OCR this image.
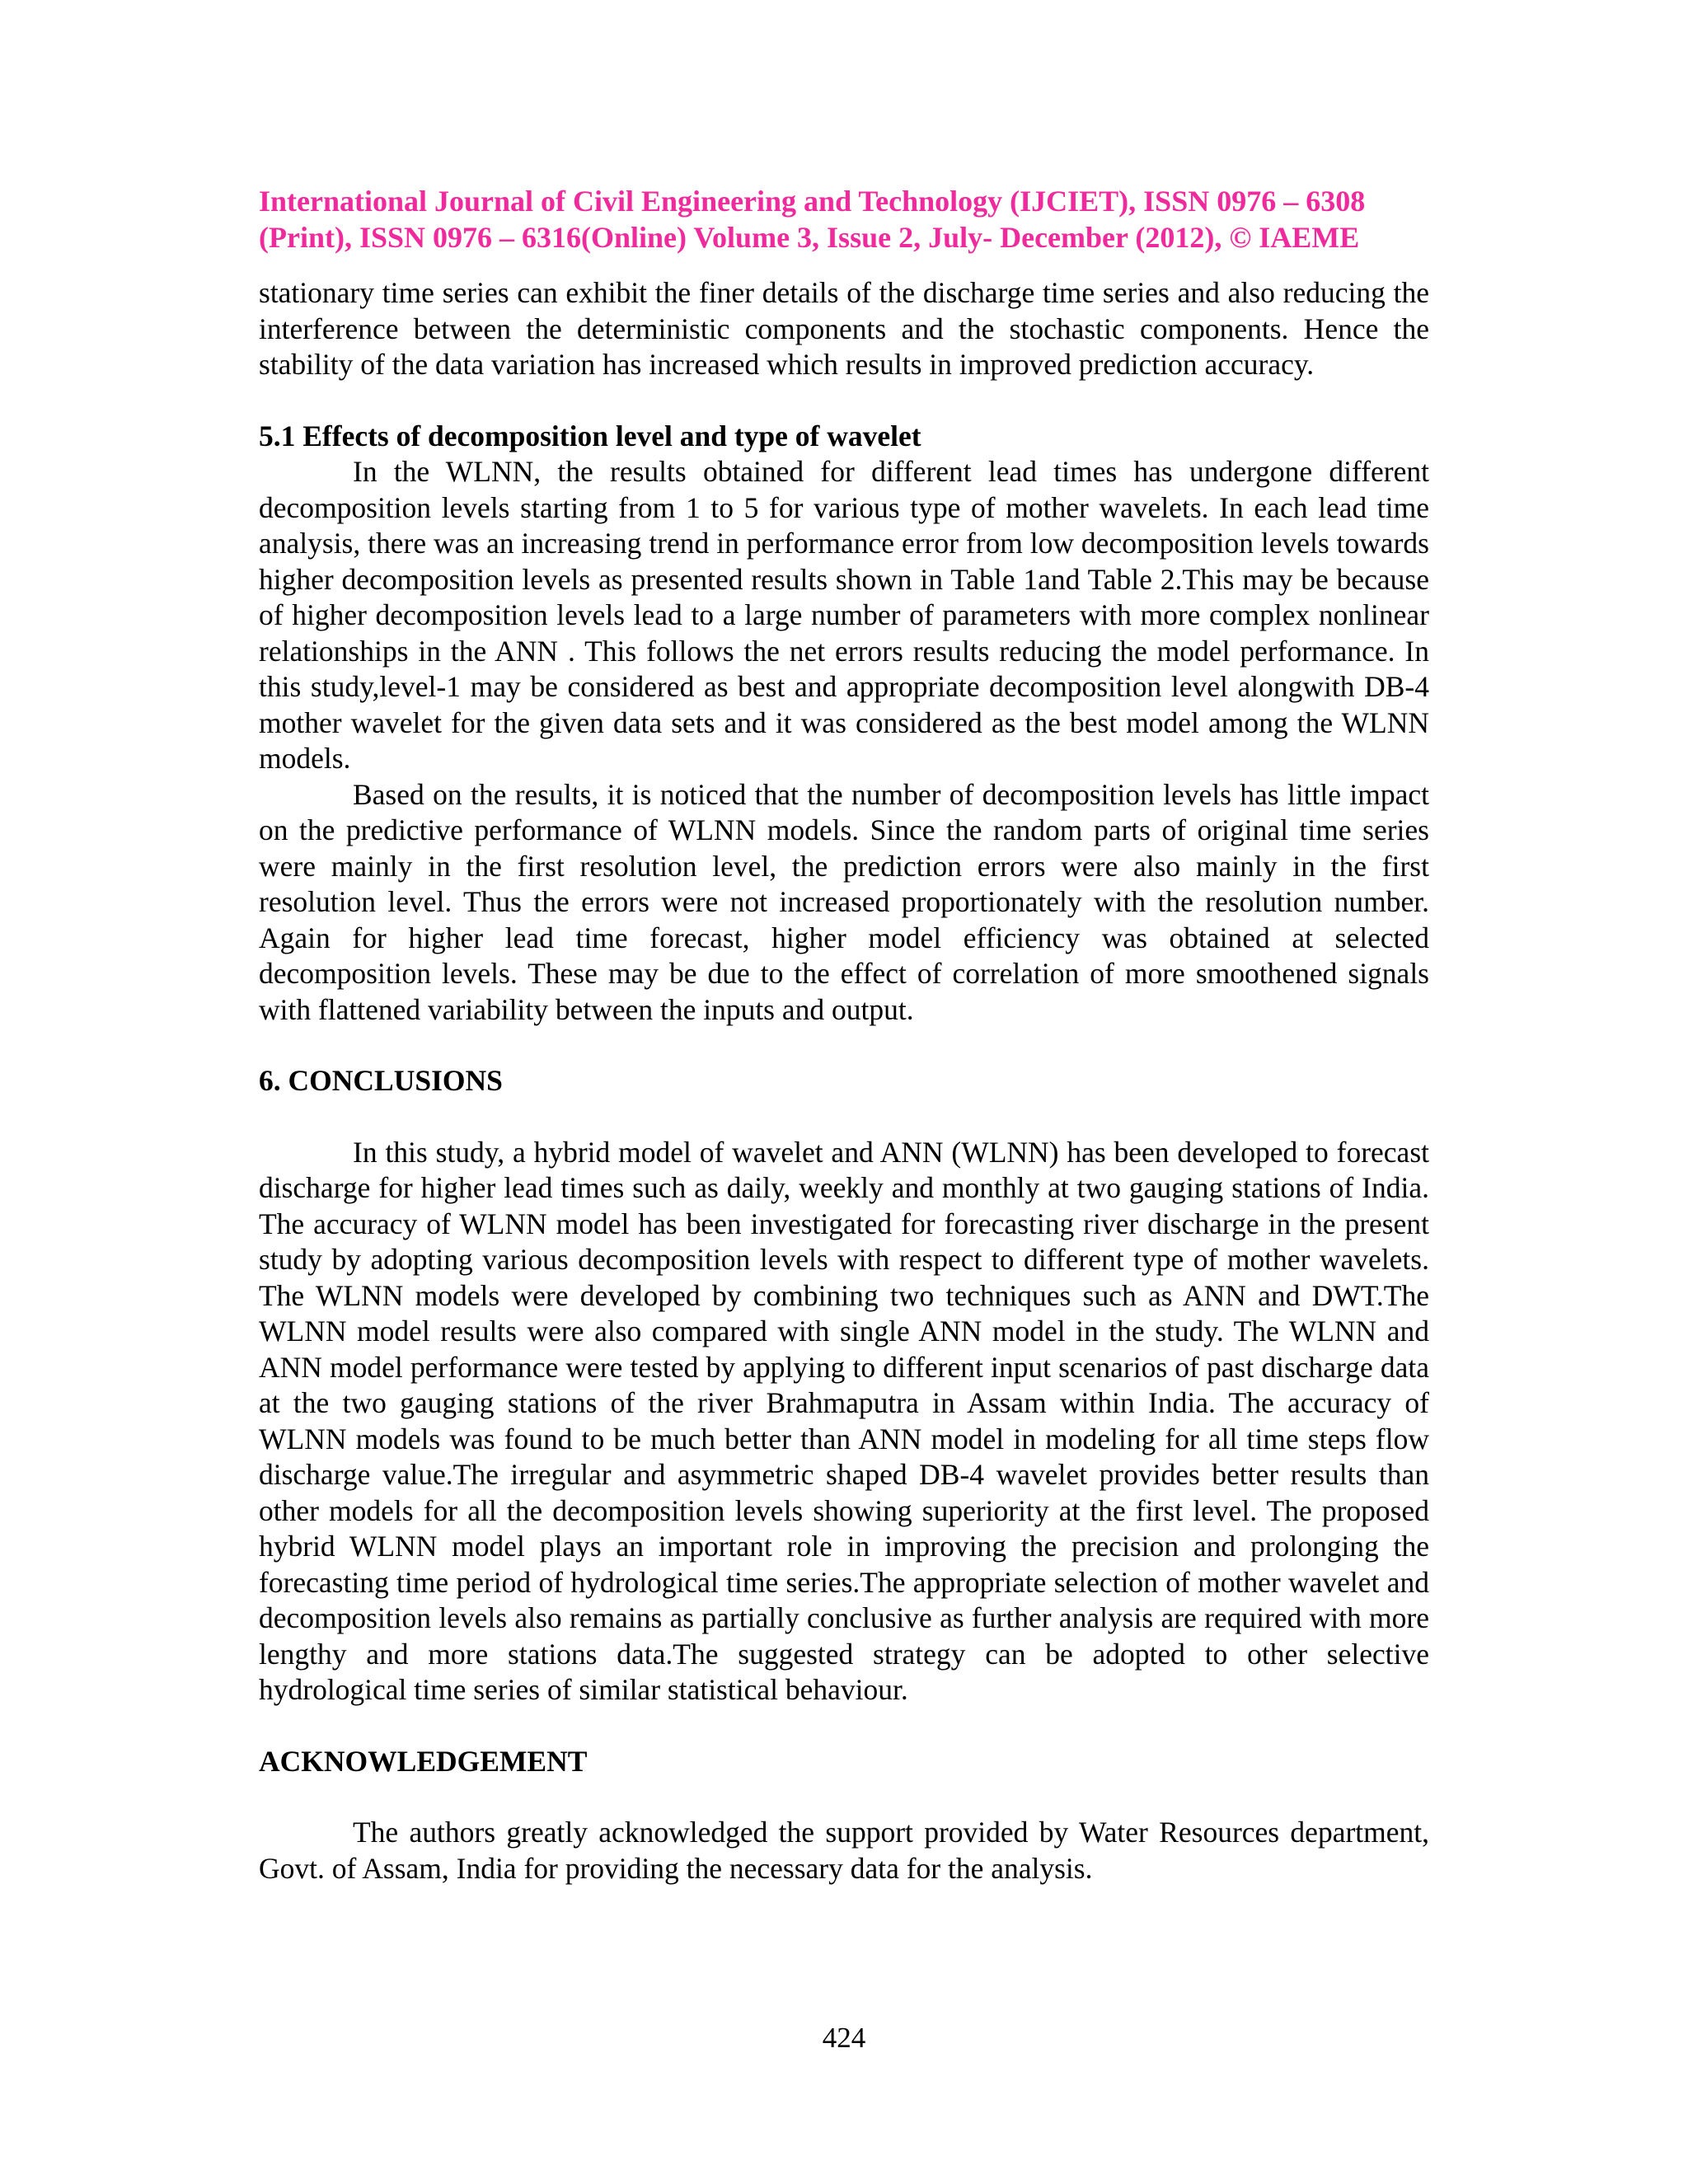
International Journal of Civil Engineering and Technology (IJCIET), ISSN 0976 – 6308
(Print), ISSN 0976 – 6316(Online) Volume 3, Issue 2, July- December (2012), © IAEME

stationary time series can exhibit the finer details of the discharge time series and also reducing the interference between the deterministic components and the stochastic components. Hence the stability of the data variation has increased which results in improved prediction accuracy.

5.1 Effects of decomposition level and type of wavelet

In the WLNN, the results obtained for different lead times has undergone different decomposition levels starting from 1 to 5 for various type of mother wavelets. In each lead time analysis, there was an increasing trend in performance error from low decomposition levels towards higher decomposition levels as presented results shown in Table 1and Table 2.This may be because of higher decomposition levels lead to a large number of parameters with more complex nonlinear relationships in the ANN . This follows the net errors results reducing the model performance. In this study,level-1 may be considered as best and appropriate decomposition level alongwith DB-4 mother wavelet for the given data sets and it was considered as the best model among the WLNN models.

Based on the results, it is noticed that the number of decomposition levels has little impact on the predictive performance of WLNN models. Since the random parts of original time series were mainly in the first resolution level, the prediction errors were also mainly in the first resolution level. Thus the errors were not increased proportionately with the resolution number. Again for higher lead time forecast, higher model efficiency was obtained at selected decomposition levels. These may be due to the effect of correlation of more smoothened signals with flattened variability between the inputs and output.

6. CONCLUSIONS

In this study, a hybrid model of wavelet and ANN (WLNN) has been developed to forecast discharge for higher lead times such as daily, weekly and monthly at two gauging stations of India. The accuracy of WLNN model has been investigated for forecasting river discharge in the present study by adopting various decomposition levels with respect to different type of mother wavelets. The WLNN models were developed by combining two techniques such as ANN and DWT.The WLNN model results were also compared with single ANN model in the study. The WLNN and ANN model performance were tested by applying to different input scenarios of past discharge data at the two gauging stations of the river Brahmaputra in Assam within India. The accuracy of WLNN models was found to be much better than ANN model in modeling for all time steps flow discharge value.The irregular and asymmetric shaped DB-4 wavelet provides better results than other models for all the decomposition levels showing superiority at the first level. The proposed hybrid WLNN model plays an important role in improving the precision and prolonging the forecasting time period of hydrological time series.The appropriate selection of mother wavelet and decomposition levels also remains as partially conclusive as further analysis are required with more lengthy and more stations data.The suggested strategy can be adopted to other selective hydrological time series of similar statistical behaviour.

ACKNOWLEDGEMENT

The authors greatly acknowledged the support provided by Water Resources department, Govt. of Assam, India for providing the necessary data for the analysis.

424
